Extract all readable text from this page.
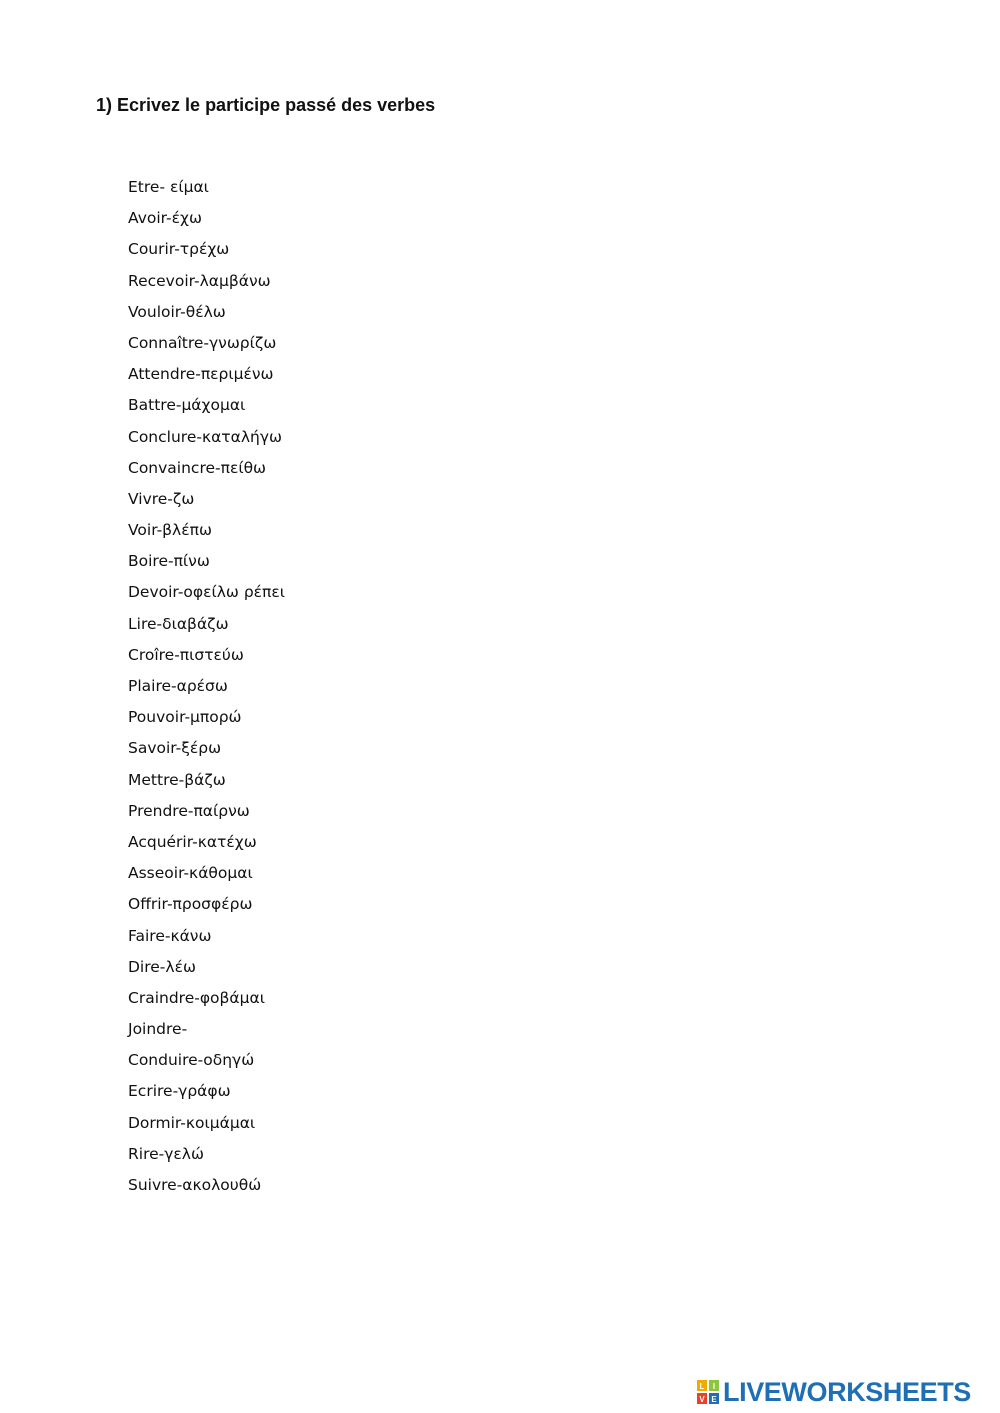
1) Ecrivez le participe passé des verbes
Etre- είμαι
Avoir-έχω
Courir-τρέχω
Recevoir-λαμβάνω
Vouloir-θέλω
Connaître-γνωρίζω
Attendre-περιμένω
Battre-μάχομαι
Conclure-καταλήγω
Convaincre-πείθω
Vivre-ζω
Voir-βλέπω
Boire-πίνω
Devoir-οφείλω ρέπει
Lire-διαβάζω
Croîre-πιστεύω
Plaire-αρέσω
Pouvoir-μπορώ
Savoir-ξέρω
Mettre-βάζω
Prendre-παίρνω
Acquérir-κατέχω
Asseoir-κάθομαι
Offrir-προσφέρω
Faire-κάνω
Dire-λέω
Craindre-φοβάμαι
Joindre-
Conduire-οδηγώ
Ecrire-γράφω
Dormir-κοιμάμαι
Rire-γελώ
Suivre-ακολουθώ
L I
V E LIVEWORKSHEETS
